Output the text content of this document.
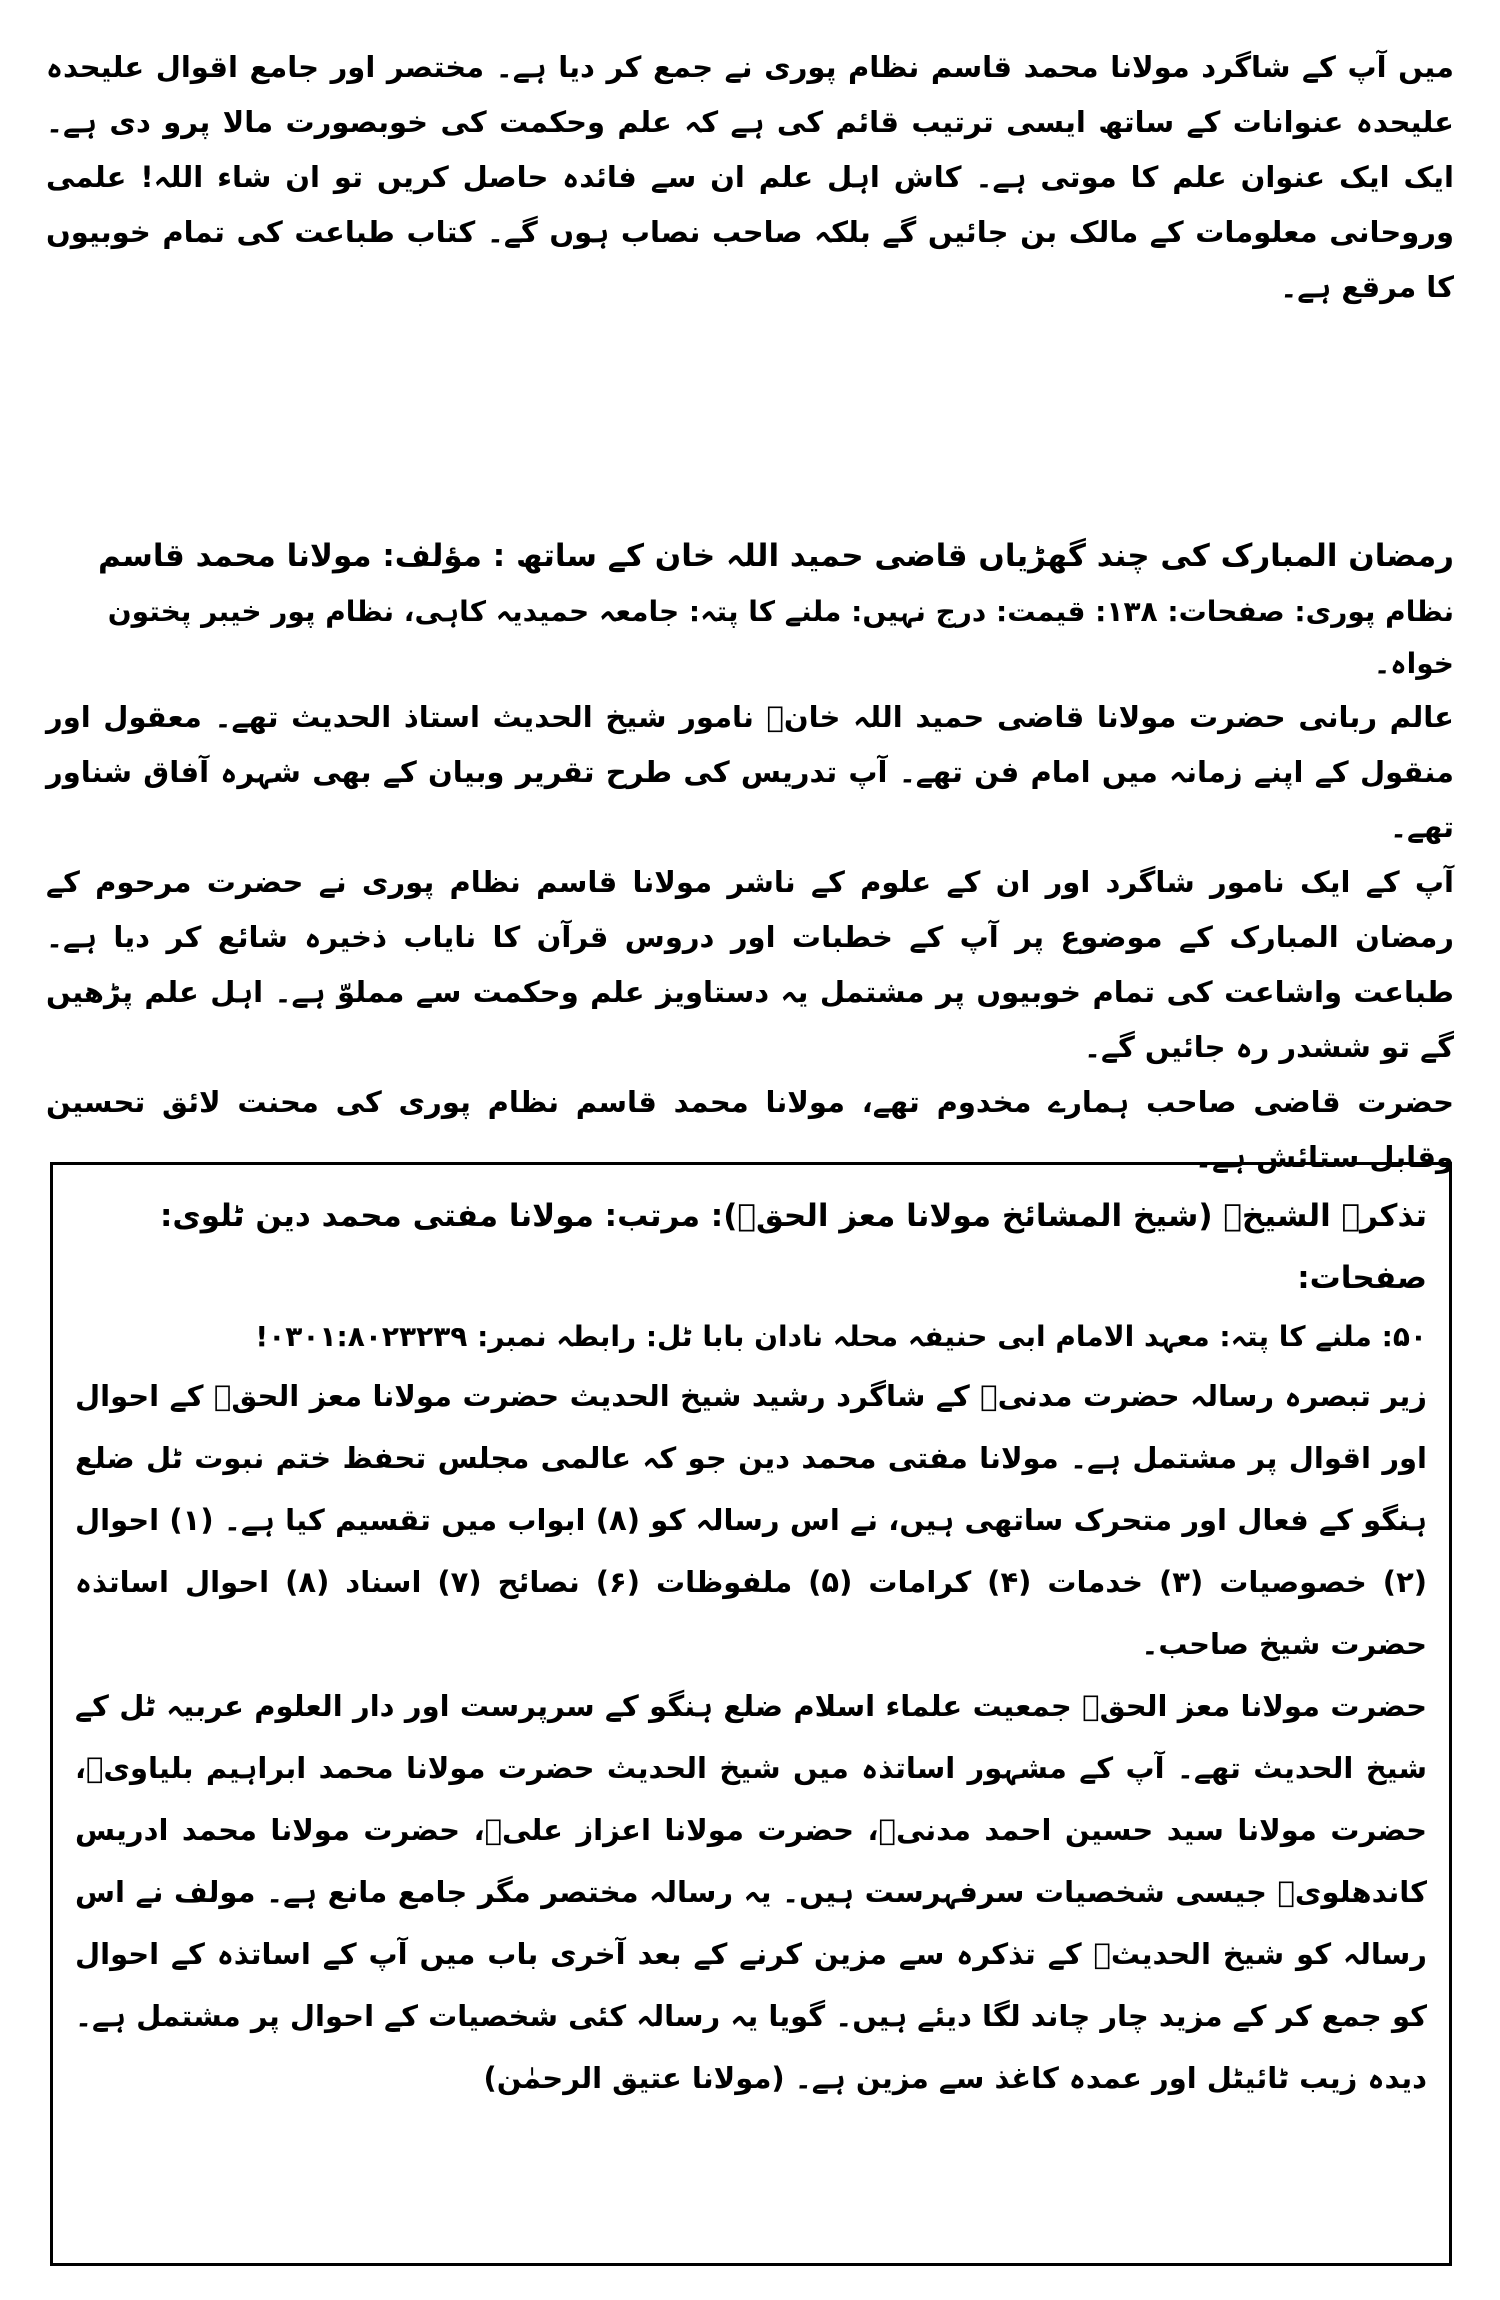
میں آپ کے شاگرد مولانا محمد قاسم نظام پوری نے جمع کر دیا ہے۔ مختصر اور جامع اقوال علیحدہ علیحدہ عنوانات کے ساتھ ایسی ترتیب قائم کی ہے کہ علم وحکمت کی خوبصورت مالا پرو دی ہے۔ ایک ایک عنوان علم کا موتی ہے۔ کاش اہل علم ان سے فائدہ حاصل کریں تو ان شاء اللہ! علمی وروحانی معلومات کے مالک بن جائیں گے بلکہ صاحب نصاب ہوں گے۔ کتاب طباعت کی تمام خوبیوں کا مرقع ہے۔

رمضان المبارک کی چند گھڑیاں قاضی حمید اللہ خان کے ساتھ : مؤلف: مولانا محمد قاسم

نظام پوری: صفحات: ۱۳۸: قیمت: درج نہیں: ملنے کا پتہ: جامعہ حمیدیہ کاہی، نظام پور خیبر پختون خواہ۔

عالم ربانی حضرت مولانا قاضی حمید اللہ خانؒ نامور شیخ الحدیث استاذ الحدیث تھے۔ معقول اور منقول کے اپنے زمانہ میں امام فن تھے۔ آپ تدریس کی طرح تقریر وبیان کے بھی شہرہ آفاق شناور تھے۔

آپ کے ایک نامور شاگرد اور ان کے علوم کے ناشر مولانا قاسم نظام پوری نے حضرت مرحوم کے رمضان المبارک کے موضوع پر آپ کے خطبات اور دروس قرآن کا نایاب ذخیرہ شائع کر دیا ہے۔ طباعت واشاعت کی تمام خوبیوں پر مشتمل یہ دستاویز علم وحکمت سے مملوّ ہے۔ اہل علم پڑھیں گے تو ششدر رہ جائیں گے۔

حضرت قاضی صاحب ہمارے مخدوم تھے، مولانا محمد قاسم نظام پوری کی محنت لائق تحسین وقابل ستائش ہے۔

تذکرۃ الشیخؒ (شیخ المشائخ مولانا معز الحقؒ): مرتب: مولانا مفتی محمد دین ٹلوی: صفحات:

۵۰: ملنے کا پتہ: معہد الامام ابی حنیفہ محلہ نادان بابا ٹل: رابطہ نمبر: ۰۳۰۱:۸۰۲۳۲۳۹!

زیر تبصرہ رسالہ حضرت مدنیؒ کے شاگرد رشید شیخ الحدیث حضرت مولانا معز الحقؒ کے احوال اور اقوال پر مشتمل ہے۔ مولانا مفتی محمد دین جو کہ عالمی مجلس تحفظ ختم نبوت ٹل ضلع ہنگو کے فعال اور متحرک ساتھی ہیں، نے اس رسالہ کو (۸) ابواب میں تقسیم کیا ہے۔ (۱) احوال (۲) خصوصیات (۳) خدمات (۴) کرامات (۵) ملفوظات (۶) نصائح (۷) اسناد (۸) احوال اساتذہ حضرت شیخ صاحب۔

حضرت مولانا معز الحقؒ جمعیت علماء اسلام ضلع ہنگو کے سرپرست اور دار العلوم عربیہ ٹل کے شیخ الحدیث تھے۔ آپ کے مشہور اساتذہ میں شیخ الحدیث حضرت مولانا محمد ابراہیم بلیاویؒ، حضرت مولانا سید حسین احمد مدنیؒ، حضرت مولانا اعزاز علیؒ، حضرت مولانا محمد ادریس کاندھلویؒ جیسی شخصیات سرفہرست ہیں۔ یہ رسالہ مختصر مگر جامع مانع ہے۔ مولف نے اس رسالہ کو شیخ الحدیثؒ کے تذکرہ سے مزین کرنے کے بعد آخری باب میں آپ کے اساتذہ کے احوال کو جمع کر کے مزید چار چاند لگا دیئے ہیں۔ گویا یہ رسالہ کئی شخصیات کے احوال پر مشتمل ہے۔ دیدہ زیب ٹائیٹل اور عمدہ کاغذ سے مزین ہے۔ (مولانا عتیق الرحمٰن)
